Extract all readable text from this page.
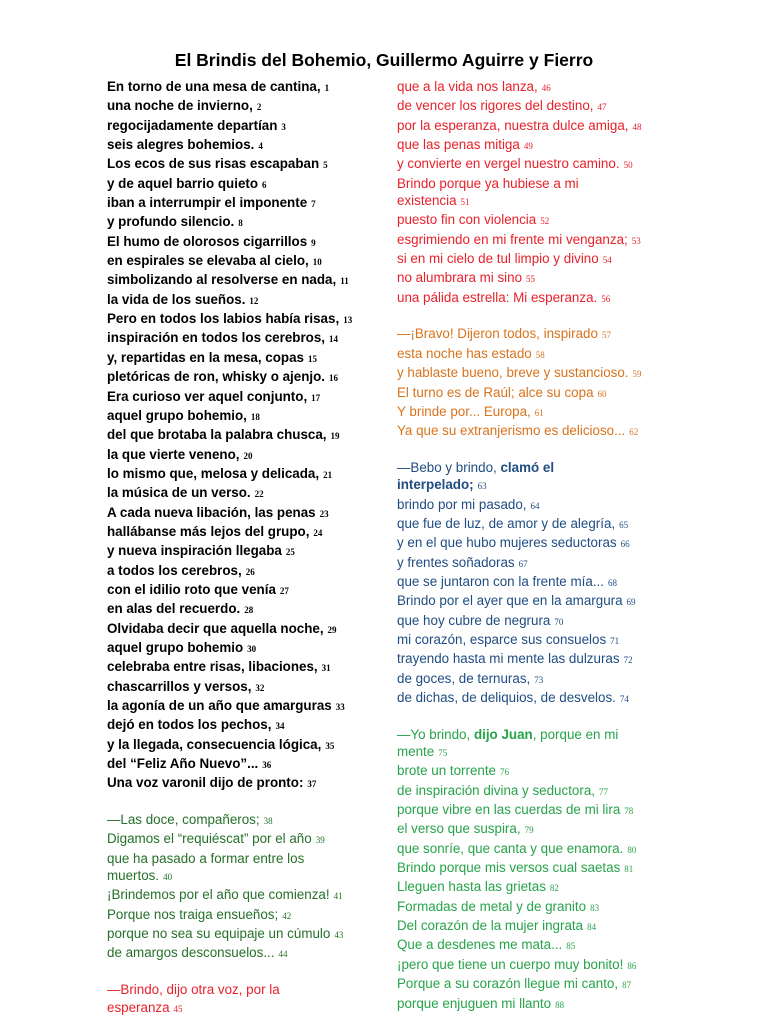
El Brindis del Bohemio, Guillermo Aguirre y Fierro
En torno de una mesa de cantina, 1
una noche de invierno, 2
regocijadamente departían 3
seis alegres bohemios. 4
Los ecos de sus risas escapaban 5
y de aquel barrio quieto 6
iban a interrumpir el imponente 7
y profundo silencio. 8
El humo de olorosos cigarrillos 9
en espirales se elevaba al cielo, 10
simbolizando al resolverse en nada, 11
la vida de los sueños. 12
Pero en todos los labios había risas, 13
inspiración en todos los cerebros, 14
y, repartidas en la mesa, copas 15
pletóricas de ron, whisky o ajenjo. 16
Era curioso ver aquel conjunto, 17
aquel grupo bohemio, 18
del que brotaba la palabra chusca, 19
la que vierte veneno, 20
lo mismo que, melosa y delicada, 21
la música de un verso. 22
A cada nueva libación, las penas 23
hallábanse más lejos del grupo, 24
y nueva inspiración llegaba 25
a todos los cerebros, 26
con el idilio roto que venía 27
en alas del recuerdo. 28
Olvidaba decir que aquella noche, 29
aquel grupo bohemio 30
celebraba entre risas, libaciones, 31
chascarrillos y versos, 32
la agonía de un año que amarguras 33
dejó en todos los pechos, 34
y la llegada, consecuencia lógica, 35
del “Feliz Año Nuevo”... 36
Una voz varonil dijo de pronto: 37
—Las doce, compañeros; 38
Digamos el “requiéscat” por el año 39
que ha pasado a formar entre los
muertos. 40
¡Brindemos por el año que comienza! 41
Porque nos traiga ensueños; 42
porque no sea su equipaje un cúmulo 43
de amargos desconsuelos... 44
—Brindo, dijo otra voz, por la
esperanza 45
que a la vida nos lanza, 46
de vencer los rigores del destino, 47
por la esperanza, nuestra dulce amiga, 48
que las penas mitiga 49
y convierte en vergel nuestro camino. 50
Brindo porque ya hubiese a mi
existencia 51
puesto fin con violencia 52
esgrimiendo en mi frente mi venganza; 53
si en mi cielo de tul limpio y divino 54
no alumbrara mi sino 55
una pálida estrella: Mi esperanza. 56
—¡Bravo! Dijeron todos, inspirado 57
esta noche has estado 58
y hablaste bueno, breve y sustancioso. 59
El turno es de Raúl; alce su copa 60
Y brinde por... Europa, 61
Ya que su extranjerismo es delicioso... 62
—Bebo y brindo, clamó el
interpelado; 63
brindo por mi pasado, 64
que fue de luz, de amor y de alegría, 65
y en el que hubo mujeres seductoras 66
y frentes soñadoras 67
que se juntaron con la frente mía... 68
Brindo por el ayer que en la amargura 69
que hoy cubre de negrura 70
mi corazón, esparce sus consuelos 71
trayendo hasta mi mente las dulzuras 72
de goces, de ternuras, 73
de dichas, de deliquios, de desvelos. 74
—Yo brindo, dijo Juan, porque en mi
mente 75
brote un torrente 76
de inspiración divina y seductora, 77
porque vibre en las cuerdas de mi lira 78
el verso que suspira, 79
que sonríe, que canta y que enamora. 80
Brindo porque mis versos cual saetas 81
Lleguen hasta las grietas 82
Formadas de metal y de granito 83
Del corazón de la mujer ingrata 84
Que a desdenes me mata... 85
¡pero que tiene un cuerpo muy bonito! 86
Porque a su corazón llegue mi canto, 87
porque enjuguen mi llanto 88
